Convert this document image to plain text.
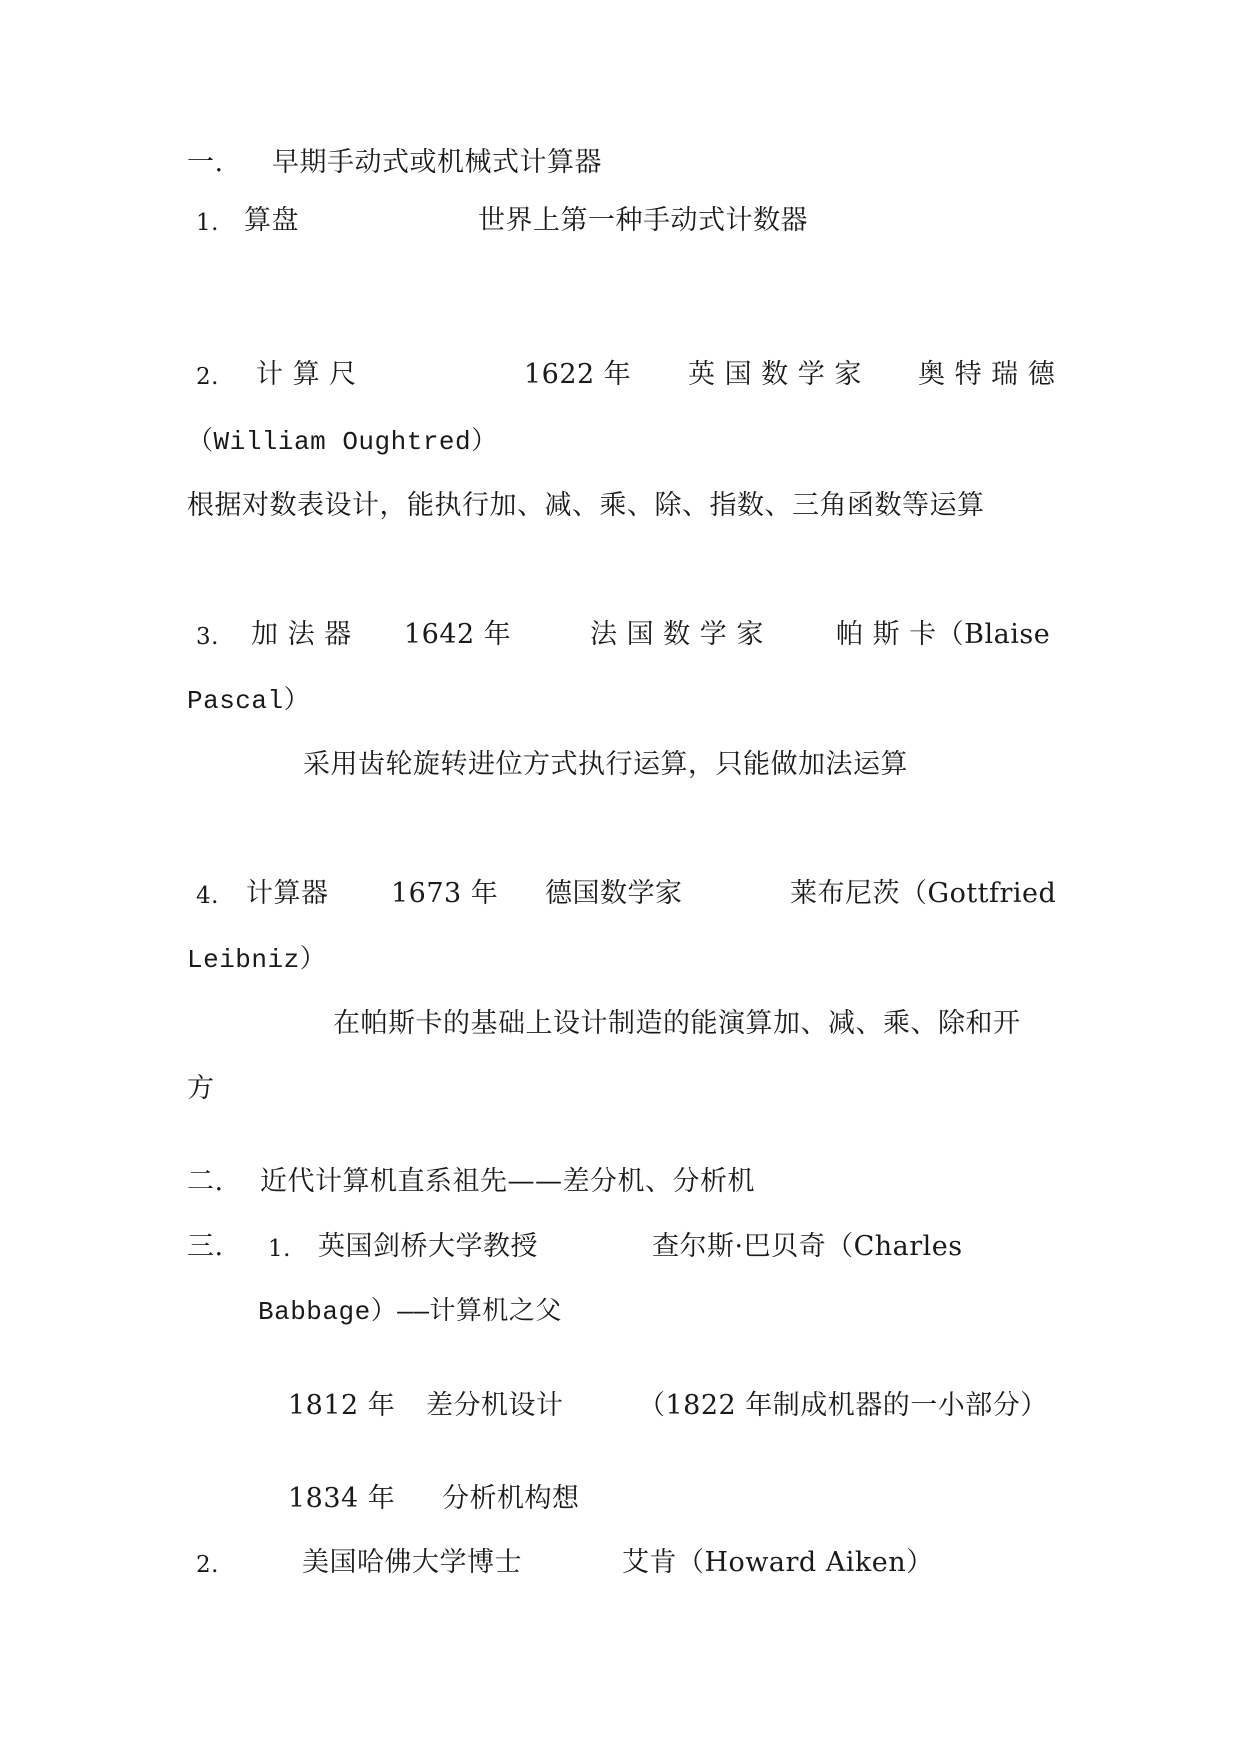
一. 早期手动式或机械式计算器
1. 算盘	世界上第一种手动式计数器
2. 计 算 尺	1622 年 英 国 数 学 家 奥 特 瑞 德
（William Oughtred）
根据对数表设计，能执行加、减、乘、除、指数、三角函数等运算
3. 加 法 器 1642 年	法 国 数 学 家	帕 斯 卡（Blaise
Pascal）
采用齿轮旋转进位方式执行运算，只能做加法运算
4. 计算器 1673 年 德国数学家	莱布尼茨（Gottfried
Leibniz）
在帕斯卡的基础上设计制造的能演算加、减、乘、除和开
方
二. 近代计算机直系祖先——差分机、分析机
三. 1. 英国剑桥大学教授	查尔斯·巴贝奇（Charles
Babbage）——计算机之父
1812 年 差分机设计	（1822 年制成机器的一小部分）
1834 年 分析机构想
2.	美国哈佛大学博士	艾肯（Howard Aiken）
